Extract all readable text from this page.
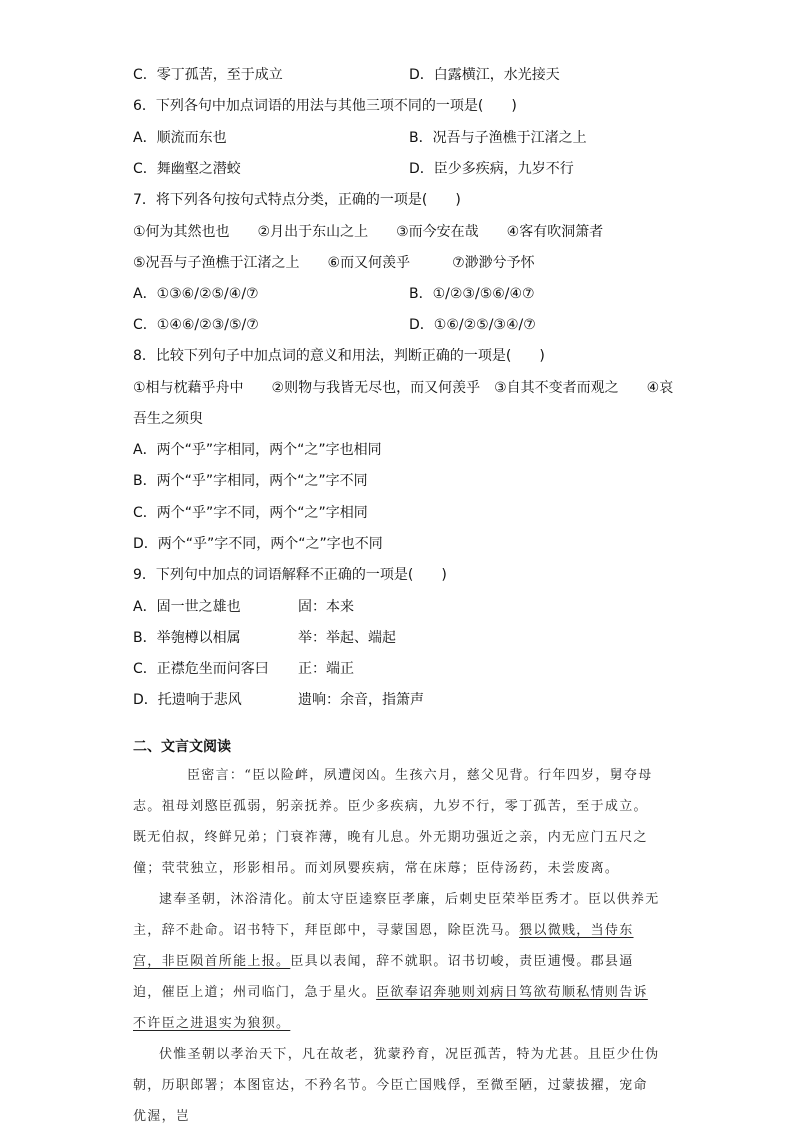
C．零丁孤苦，至于成立	D．白露横江，水光接天
6．下列各句中加点词语的用法与其他三项不同的一项是(　　)
A．顺流而东也	B．况吾与子渔樵于江渚之上
C．舞幽壑之潜蛟	D．臣少多疾病，九岁不行
7．将下列各句按句式特点分类，正确的一项是(　　)
①何为其然也也　　②月出于东山之上　　③而今安在哉　　④客有吹洞箫者
⑤况吾与子渔樵于江渚之上　　⑥而又何羡乎　　　⑦渺渺兮予怀
A．①③⑥/②⑤/④/⑦	B．①/②③/⑤⑥/④⑦
C．①④⑥/②③/⑤/⑦	D．①⑥/②⑤/③④/⑦
8．比较下列句子中加点词的意义和用法，判断正确的一项是(　　)
①相与枕藉乎舟中　　②则物与我皆无尽也，而又何羡乎　③自其不变者而观之　　④哀
吾生之须臾
A．两个“乎”字相同，两个“之”字也相同
B．两个“乎”字相同，两个“之”字不同
C．两个“乎”字不同，两个“之”字相同
D．两个“乎”字不同，两个“之”字也不同
9．下列句中加点的词语解释不正确的一项是(　　)
A．固一世之雄也	固：本来
B．举匏樽以相属	举：举起、端起
C．正襟危坐而问客曰 正：端正
D．托遗响于悲风	遗响：余音，指箫声
二、文言文阅读

臣密言：“臣以险衅，夙遭闵凶。生孩六月，慈父见背。行年四岁，舅夺母志。祖母刘愍臣孤弱，躬亲抚养。臣少多疾病，九岁不行，零丁孤苦，至于成立。既无伯叔，终鲜兄弟；门衰祚薄，晚有儿息。外无期功强近之亲，内无应门五尺之僮；茕茕独立，形影相吊。而刘夙婴疾病，常在床蓐；臣侍汤药，未尝废离。

逮奉圣朝，沐浴清化。前太守臣逵察臣孝廉，后刺史臣荣举臣秀才。臣以供养无主，辞不赴命。诏书特下，拜臣郎中，寻蒙国恩，除臣洗马。猥以微贱，当侍东宫，非臣陨首所能上报。臣具以表闻，辞不就职。诏书切峻，责臣逋慢。郡县逼迫，催臣上道；州司临门，急于星火。臣欲奉诏奔驰则刘病日笃欲苟顺私情则告诉不许臣之进退实为狼狈。

伏惟圣朝以孝治天下，凡在故老，犹蒙矜育，况臣孤苦，特为尤甚。且臣少仕伪朝，历职郎署；本图宦达，不矜名节。今臣亡国贱俘，至微至陋，过蒙拔擢，宠命优渥，岂
